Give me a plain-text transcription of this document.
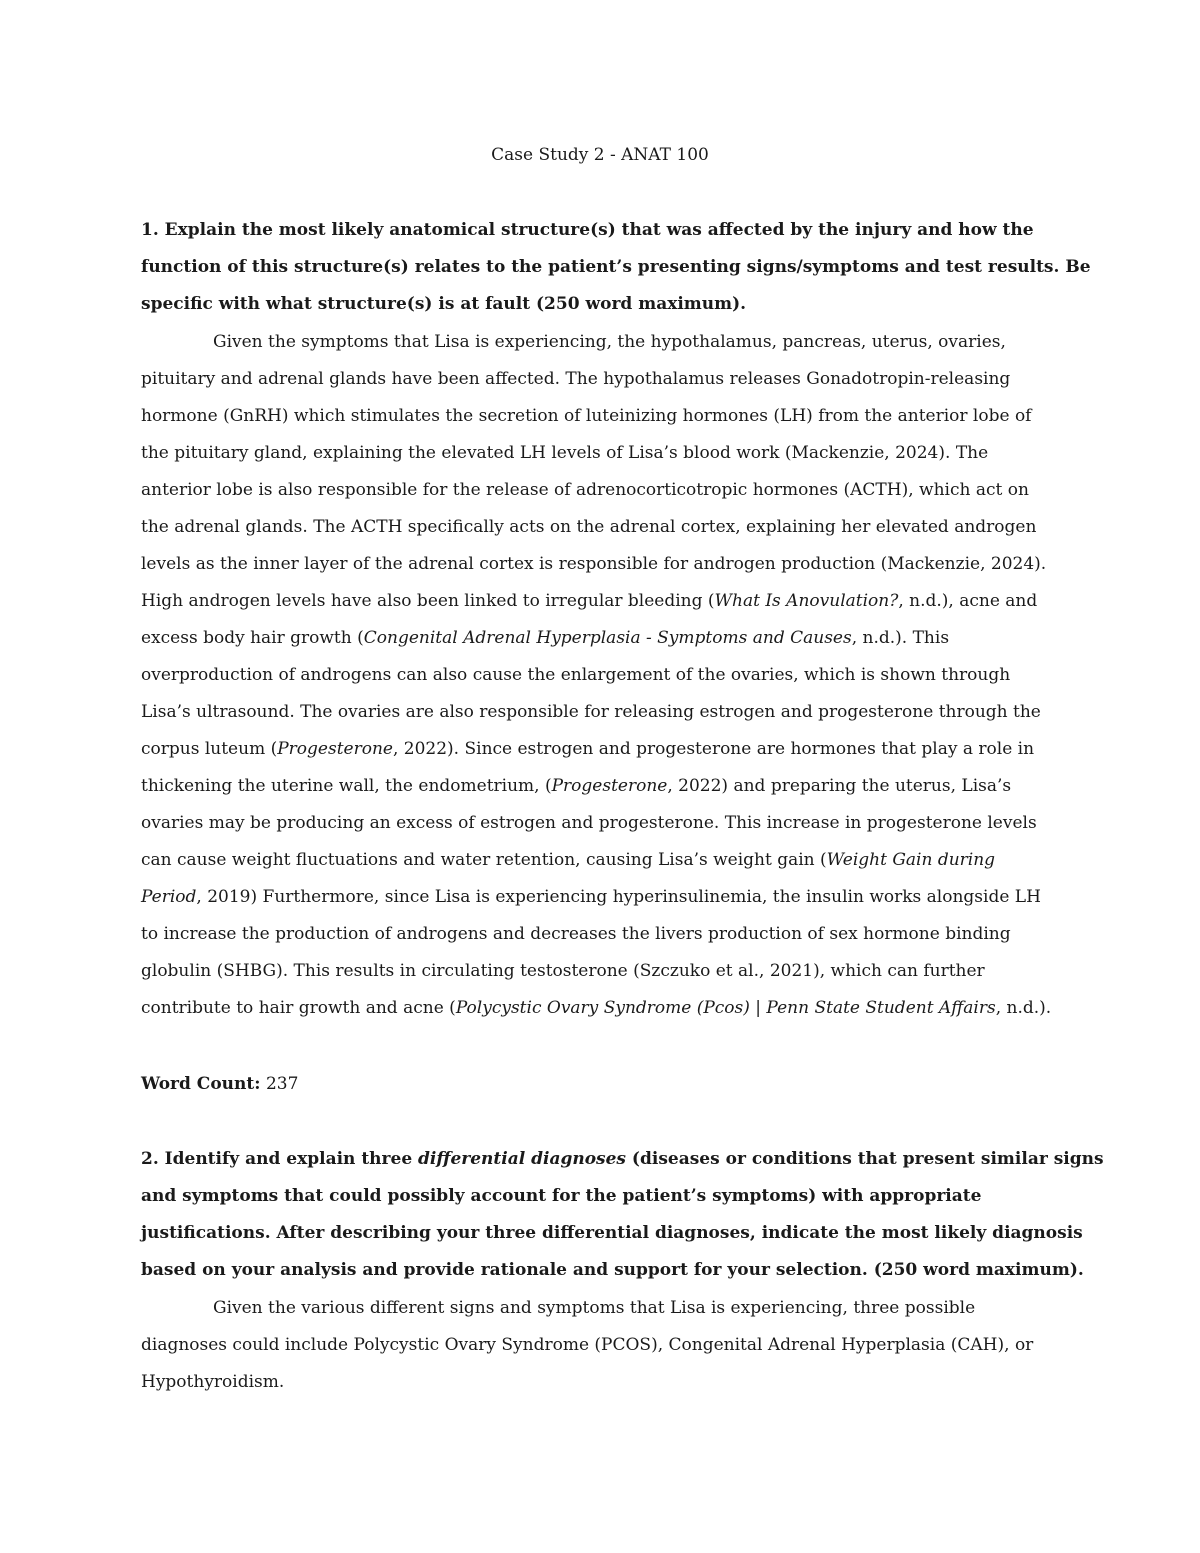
Case Study 2 - ANAT 100
1. Explain the most likely anatomical structure(s) that was affected by the injury and how the
function of this structure(s) relates to the patient’s presenting signs/symptoms and test results. Be
specific with what structure(s) is at fault (250 word maximum).
Given the symptoms that Lisa is experiencing, the hypothalamus, pancreas, uterus, ovaries,
pituitary and adrenal glands have been affected. The hypothalamus releases Gonadotropin-releasing
hormone (GnRH) which stimulates the secretion of luteinizing hormones (LH) from the anterior lobe of
the pituitary gland, explaining the elevated LH levels of Lisa’s blood work (Mackenzie, 2024). The
anterior lobe is also responsible for the release of adrenocorticotropic hormones (ACTH), which act on
the adrenal glands. The ACTH specifically acts on the adrenal cortex, explaining her elevated androgen
levels as the inner layer of the adrenal cortex is responsible for androgen production (Mackenzie, 2024).
High androgen levels have also been linked to irregular bleeding (What Is Anovulation?, n.d.), acne and
excess body hair growth (Congenital Adrenal Hyperplasia - Symptoms and Causes, n.d.). This
overproduction of androgens can also cause the enlargement of the ovaries, which is shown through
Lisa’s ultrasound. The ovaries are also responsible for releasing estrogen and progesterone through the
corpus luteum (Progesterone, 2022). Since estrogen and progesterone are hormones that play a role in
thickening the uterine wall, the endometrium, (Progesterone, 2022) and preparing the uterus, Lisa’s
ovaries may be producing an excess of estrogen and progesterone. This increase in progesterone levels
can cause weight fluctuations and water retention, causing Lisa’s weight gain (Weight Gain during
Period, 2019) Furthermore, since Lisa is experiencing hyperinsulinemia, the insulin works alongside LH
to increase the production of androgens and decreases the livers production of sex hormone binding
globulin (SHBG). This results in circulating testosterone (Szczuko et al., 2021), which can further
contribute to hair growth and acne (Polycystic Ovary Syndrome (Pcos) | Penn State Student Affairs, n.d.).
Word Count: 237
2. Identify and explain three differential diagnoses (diseases or conditions that present similar signs
and symptoms that could possibly account for the patient’s symptoms) with appropriate
justifications. After describing your three differential diagnoses, indicate the most likely diagnosis
based on your analysis and provide rationale and support for your selection. (250 word maximum).
Given the various different signs and symptoms that Lisa is experiencing, three possible
diagnoses could include Polycystic Ovary Syndrome (PCOS), Congenital Adrenal Hyperplasia (CAH), or
Hypothyroidism.
